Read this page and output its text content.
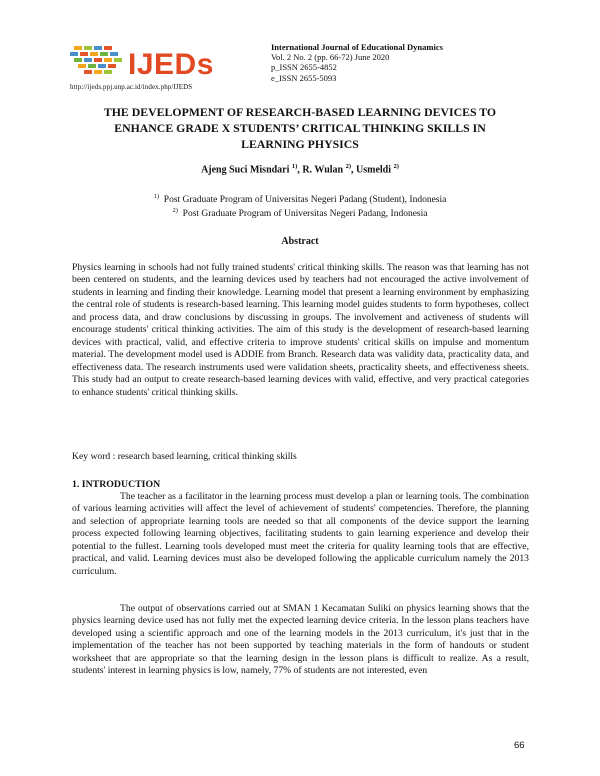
IJEDs
http://ijeds.ppj.unp.ac.id/index.php/IJEDS
International Journal of Educational Dynamics
Vol. 2 No. 2 (pp. 66-72) June 2020
p_ISSN 2655-4852
e_ISSN 2655-5093
THE DEVELOPMENT OF RESEARCH-BASED LEARNING DEVICES TO
ENHANCE GRADE X STUDENTS’ CRITICAL THINKING SKILLS IN
LEARNING PHYSICS
Ajeng Suci Misndari $^{1)}$, R. Wulan $^{2)}$, Usmeldi $^{2)}$
$^{1)}$ Post Graduate Program of Universitas Negeri Padang (Student), Indonesia
$^{2)}$ Post Graduate Program of Universitas Negeri Padang, Indonesia
Abstract

Physics learning in schools had not fully trained students' critical thinking skills. The reason was that learning has not been centered on students, and the learning devices used by teachers had not encouraged the active involvement of students in learning and finding their knowledge. Learning model that present a learning environment by emphasizing the central role of students is research-based learning. This learning model guides students to form hypotheses, collect and process data, and draw conclusions by discussing in groups. The involvement and activeness of students will encourage students' critical thinking activities. The aim of this study is the development of research-based learning devices with practical, valid, and effective criteria to improve students' critical skills on impulse and momentum material. The development model used is ADDIE from Branch. Research data was validity data, practicality data, and effectiveness data. The research instruments used were validation sheets, practicality sheets, and effectiveness sheets. This study had an output to create research-based learning devices with valid, effective, and very practical categories to enhance students' critical thinking skills.

Key word : research based learning, critical thinking skills
1. INTRODUCTION

The teacher as a facilitator in the learning process must develop a plan or learning tools. The combination of various learning activities will affect the level of achievement of students' competencies. Therefore, the planning and selection of appropriate learning tools are needed so that all components of the device support the learning process expected following learning objectives, facilitating students to gain learning experience and develop their potential to the fullest. Learning tools developed must meet the criteria for quality learning tools that are effective, practical, and valid. Learning devices must also be developed following the applicable curriculum namely the 2013 curriculum.

The output of observations carried out at SMAN 1 Kecamatan Suliki on physics learning shows that the physics learning device used has not fully met the expected learning device criteria. In the lesson plans teachers have developed using a scientific approach and one of the learning models in the 2013 curriculum, it's just that in the implementation of the teacher has not been supported by teaching materials in the form of handouts or student worksheet that are appropriate so that the learning design in the lesson plans is difficult to realize. As a result, students' interest in learning physics is low, namely, 77% of students are not interested, even

66
